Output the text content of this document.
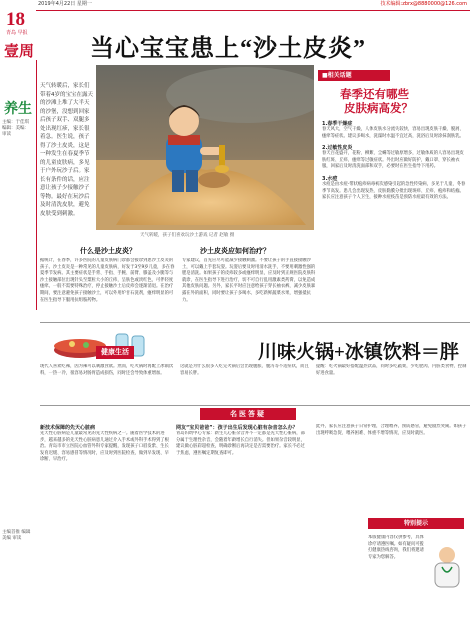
2019年4月22日 星期一	技术编辑:zbrx@8880000@126.com
18
青岛 早报
壹周
养生
主编：于佳琪 编辑：美编：审读
主编首推 编辑 美编 审读
当心宝宝患上“沙土皮炎”
天气转暖后，家长们带着4岁的宝宝在露天的沙滩上堆了大半天的沙堡，没想到回家后孩子双手、双腿多处出现红疹，家长很着急。医生说，孩子得了沙土皮炎，这是一种发生在春夏季节的儿童皮肤病，多见于户外玩沙子后。家长有条件的话，应注意让孩子少接触沙子等物。最好在玩沙后及时清洗皮肤，避免皮肤受到刺激。
天气转暖，孩子们喜欢玩沙土游戏 记者 赵敏 摄
■相关话题
春季还有哪些
皮肤病高发？
1.春季干燥症
春天风大，空气干燥，人体皮肤水分流失较快，容易出现皮肤干燥、脱屑、瘙痒等症状。建议多喝水，洗澡时水温不宜过高，洗浴后及时涂抹润肤乳。
2.过敏性皮炎
春天百花盛开，花粉、柳絮、尘螨等过敏原增多，过敏体质的人容易出现皮肤红斑、丘疹、瘙痒等过敏症状。外出时应做好防护，戴口罩、穿长袖衣服，回家后及时清洗面部和双手，必要时在医生指导下用药。
3.水痘
水痘是由水痘-带状疱疹病毒初次感染引起的急性传染病，多见于儿童，冬春季节高发。患儿会出现发热、皮肤黏膜分批出现斑疹、丘疹、疱疹和结痂。家长应注意孩子个人卫生，接种水痘疫苗是预防水痘最有效的方法。
什么是沙土皮炎？
据统计，在春季，许多医院的儿童皮肤病门诊都会接诊到患沙土皮炎的孩子。沙土皮炎是一种常见的儿童皮肤病，好发于3至9岁儿童，多在春夏季节发病。其主要症状是手背、手指、手腕、前臂、膝盖及小腿等与沙土接触部位出现针头至粟粒大小的丘疹，呈肤色或淡红色，可伴轻度瘙痒。一般不需要特殊治疗，停止接触沙土后皮疹会逐渐消退。在治疗期间，要注意避免孩子接触沙土，可以外用炉甘石洗剂，瘙痒明显的可在医生指导下服用抗组胺药物。
沙土皮炎应如何治疗？
专家建议，首先应尽可能减少接触刺激。不要让孩子的手直接接触沙土，可以戴上手套玩耍。玩耍后要及时用清水洗手，不要用刺激性强的肥皂清洗。如果孩子的皮疹较多或瘙痒明显，应及时到正规医院皮肤科就诊，在医生指导下进行治疗，切不可自行乱用激素类药膏，以免造成其他皮肤问题。另外，家长平时应注意给孩子穿长袖衣裤，减少皮肤暴露在外的面积，同时要让孩子多喝水、多吃新鲜蔬菜水果，增强抵抗力。
健康生活	川味火锅+冰镇饮料＝胖
现代人喜欢吃辣，因为辣可以刺激食欲。然而，吃火锅时再配上冰镇饮料，一热一冷，很容易对肠胃造成损伤，同时还会导致体重增加。
这就是为什么很多人吃完火锅后会出现腹胀、腹泻等不适症状，而且容易长胖。
提醒：吃火锅最好搭配温热饮品，同时多吃蔬菜，少吃肥肉、内脏类食物，控制好进食量。
名医答疑
新技术保障的先天心脏病
先天性心脏病是儿童最常见的先天性疾病之一。随着医学技术的进步，越来越多的先天性心脏病患儿通过介入手术或外科手术得到了根治。青岛市市立医院心血管外科专家提醒，发现孩子口唇发紫、生长发育迟缓、容易感冒等情况时，应及时到医院检查，做到早发现、早诊断、早治疗。
网友“宝贝爸爸”：孩子出生后发现心脏有杂音怎么办？
青岛妇幼中心专家：新生儿心脏杂音并不一定都是先天性心脏病，部分属于生理性杂音，会随着年龄增长自行消失。但如果杂音较明显，建议做心脏彩超检查，明确诊断后再决定是否需要治疗。家长不必过于焦虑，遵医嘱定期复查即可。
此外，家长应注意孩子日常护理，合理喂养，预防感冒，避免剧烈哭闹。如孩子出现呼吸急促、喂养困难、体重不增等情况，应及时就医。
特别提示
本版健康内容仅供参考，具体诊疗请遵医嘱。如有疑问可拨打健康热线咨询，我们将邀请专家为您解答。
